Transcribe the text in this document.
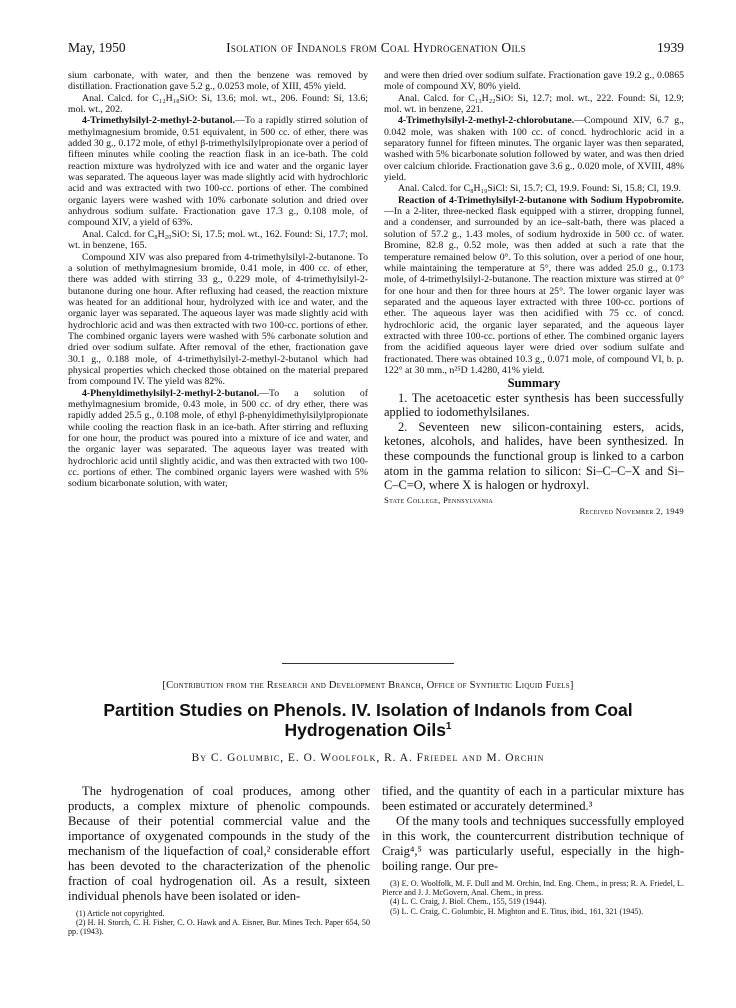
May, 1950	Isolation of Indanols from Coal Hydrogenation Oils	1939

sium carbonate, with water, and then the benzene was removed by distillation. Fractionation gave 5.2 g., 0.0253 mole, of XIII, 45% yield.

Anal. Calcd. for C₁₂H₁₈SiO: Si, 13.6; mol. wt., 206. Found: Si, 13.6; mol. wt., 202.

4-Trimethylsilyl-2-methyl-2-butanol.—To a rapidly stirred solution of methylmagnesium bromide, 0.51 equivalent, in 500 cc. of ether, there was added 30 g., 0.172 mole, of ethyl β-trimethylsilylpropionate over a period of fifteen minutes while cooling the reaction flask in an ice-bath. The cold reaction mixture was hydrolyzed with ice and water and the organic layer was separated. The aqueous layer was made slightly acid with hydrochloric acid and was extracted with two 100-cc. portions of ether. The combined organic layers were washed with 10% carbonate solution and dried over anhydrous sodium sulfate. Fractionation gave 17.3 g., 0.108 mole, of compound XIV, a yield of 63%.

Anal. Calcd. for C₈H₂₀SiO: Si, 17.5; mol. wt., 162. Found: Si, 17.7; mol. wt. in benzene, 165.

Compound XIV was also prepared from 4-trimethylsilyl-2-butanone. To a solution of methylmagnesium bromide, 0.41 mole, in 400 cc. of ether, there was added with stirring 33 g., 0.229 mole, of 4-trimethylsilyl-2-butanone during one hour. After refluxing had ceased, the reaction mixture was heated for an additional hour, hydrolyzed with ice and water, and the organic layer was separated. The aqueous layer was made slightly acid with hydrochloric acid and was then extracted with two 100-cc. portions of ether. The combined organic layers were washed with 5% carbonate solution and dried over sodium sulfate. After removal of the ether, fractionation gave 30.1 g., 0.188 mole, of 4-trimethylsilyl-2-methyl-2-butanol which had physical properties which checked those obtained on the material prepared from compound IV. The yield was 82%.

4-Phenyldimethylsilyl-2-methyl-2-butanol.—To a solution of methylmagnesium bromide, 0.43 mole, in 500 cc. of dry ether, there was rapidly added 25.5 g., 0.108 mole, of ethyl β-phenyldimethylsilylpropionate while cooling the reaction flask in an ice-bath. After stirring and refluxing for one hour, the product was poured into a mixture of ice and water, and the organic layer was separated. The aqueous layer was treated with hydrochloric acid until slightly acidic, and was then extracted with two 100-cc. portions of ether. The combined organic layers were washed with 5% sodium bicarbonate solution, with water,

and were then dried over sodium sulfate. Fractionation gave 19.2 g., 0.0865 mole of compound XV, 80% yield.

Anal. Calcd. for C₁₃H₂₂SiO: Si, 12.7; mol. wt., 222. Found: Si, 12.9; mol. wt. in benzene, 221.

4-Trimethylsilyl-2-methyl-2-chlorobutane.—Compound XIV, 6.7 g., 0.042 mole, was shaken with 100 cc. of concd. hydrochloric acid in a separatory funnel for fifteen minutes. The organic layer was then separated, washed with 5% bicarbonate solution followed by water, and was then dried over calcium chloride. Fractionation gave 3.6 g., 0.020 mole, of XVIII, 48% yield.

Anal. Calcd. for C₈H₁₉SiCl: Si, 15.7; Cl, 19.9. Found: Si, 15.8; Cl, 19.9.

Reaction of 4-Trimethylsilyl-2-butanone with Sodium Hypobromite.—In a 2-liter, three-necked flask equipped with a stirrer, dropping funnel, and a condenser, and surrounded by an ice–salt-bath, there was placed a solution of 57.2 g., 1.43 moles, of sodium hydroxide in 500 cc. of water. Bromine, 82.8 g., 0.52 mole, was then added at such a rate that the temperature remained below 0°. To this solution, over a period of one hour, while maintaining the temperature at 5°, there was added 25.0 g., 0.173 mole, of 4-trimethylsilyl-2-butanone. The reaction mixture was stirred at 0° for one hour and then for three hours at 25°. The lower organic layer was separated and the aqueous layer extracted with three 100-cc. portions of ether. The aqueous layer was then acidified with 75 cc. of concd. hydrochloric acid, the organic layer separated, and the aqueous layer extracted with three 100-cc. portions of ether. The combined organic layers from the acidified aqueous layer were dried over sodium sulfate and fractionated. There was obtained 10.3 g., 0.071 mole, of compound VI, b. p. 122° at 30 mm., n²⁵D 1.4280, 41% yield.

Summary

1. The acetoacetic ester synthesis has been successfully applied to iodomethylsilanes.

2. Seventeen new silicon-containing esters, acids, ketones, alcohols, and halides, have been synthesized. In these compounds the functional group is linked to a carbon atom in the gamma relation to silicon: Si–C–C–X and Si–C–C=O, where X is halogen or hydroxyl.

State College, Pennsylvania
Received November 2, 1949
[Contribution from the Research and Development Branch, Office of Synthetic Liquid Fuels]
Partition Studies on Phenols. IV. Isolation of Indanols from Coal Hydrogenation Oils$^1$
By C. Golumbic, E. O. Woolfolk, R. A. Friedel and M. Orchin

The hydrogenation of coal produces, among other products, a complex mixture of phenolic compounds. Because of their potential commercial value and the importance of oxygenated compounds in the study of the mechanism of the liquefaction of coal,² considerable effort has been devoted to the characterization of the phenolic fraction of coal hydrogenation oil. As a result, sixteen individual phenols have been isolated or iden-

(1) Article not copyrighted.

(2) H. H. Storch, C. H. Fisher, C. O. Hawk and A. Eisner, Bur. Mines Tech. Paper 654, 50 pp. (1943).

tified, and the quantity of each in a particular mixture has been estimated or accurately determined.³

Of the many tools and techniques successfully employed in this work, the countercurrent distribution technique of Craig⁴,⁵ was particularly useful, especially in the high-boiling range. Our pre-

(3) E. O. Woolfolk, M. F. Dull and M. Orchin, Ind. Eng. Chem., in press; R. A. Friedel, L. Pierce and J. J. McGovern, Anal. Chem., in press.

(4) L. C. Craig, J. Biol. Chem., 155, 519 (1944).

(5) L. C. Craig, C. Golumbic, H. Mighton and E. Titus, ibid., 161, 321 (1945).
